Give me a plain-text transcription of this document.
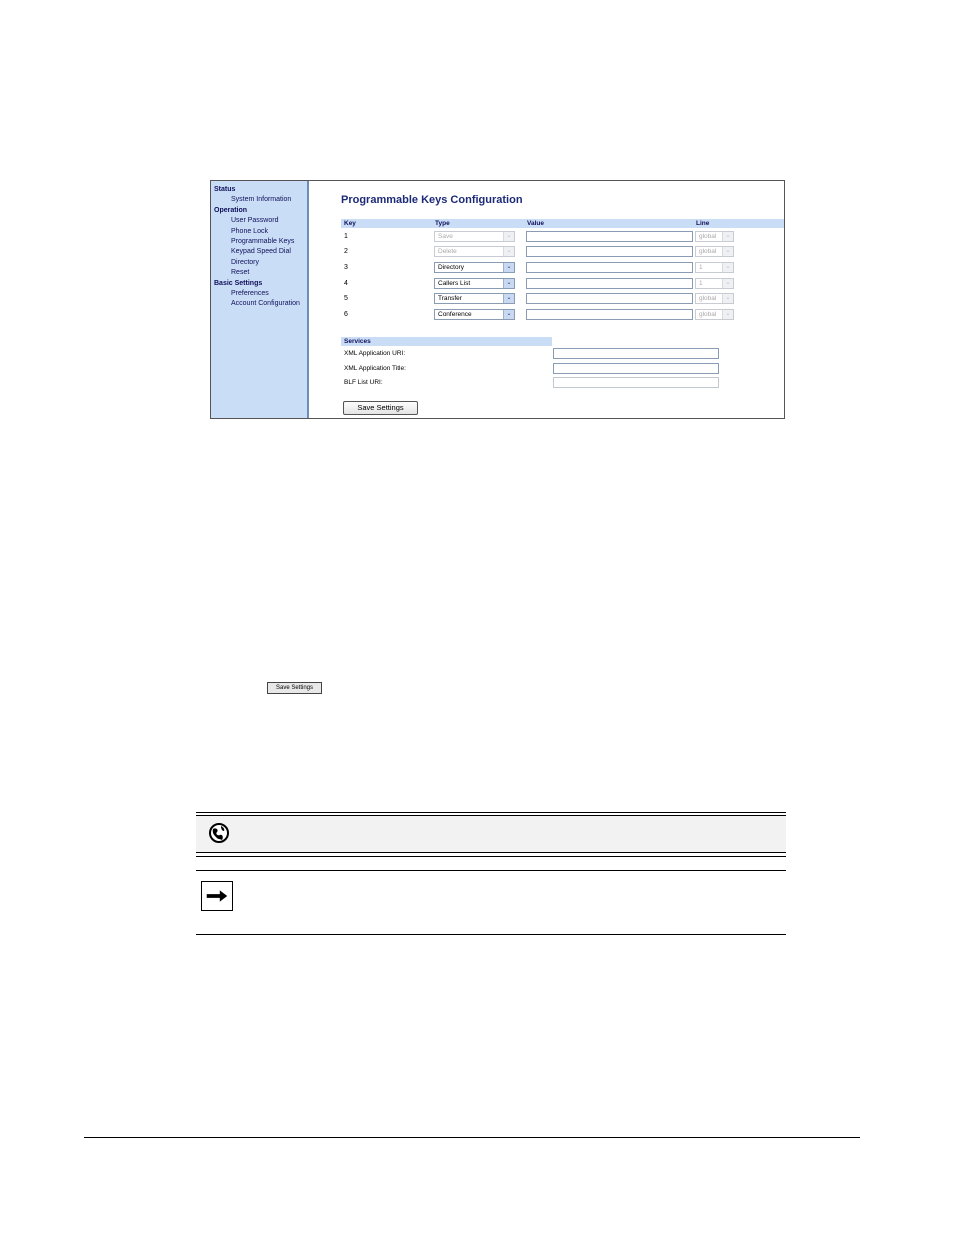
Status
System Information
Operation
User Password
Phone Lock
Programmable Keys
Keypad Speed Dial
Directory
Reset
Basic Settings
Preferences
Account Configuration
Programmable Keys Configuration
Key	Type	Value	Line
1	Save	⌄	global	⌄
2	Delete	⌄	global	⌄
3	Directory	⌄	1	⌄
4	Callers List	⌄	1	⌄
5	Transfer	⌄	global	⌄
6	Conference	⌄	global	⌄
Services
XML Application URI:
XML Application Title:
BLF List URI:
Save Settings
Save Settings
